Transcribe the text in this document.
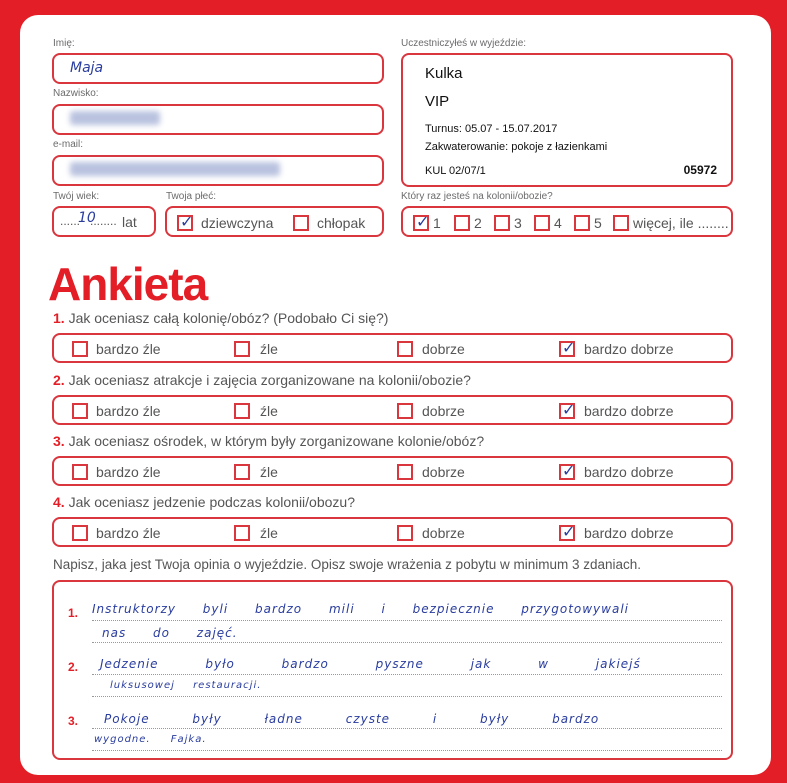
Imię:
Maja
Nazwisko:
e-mail:
Twój wiek:
......
10
........ lat
Twoja płeć:
✓ dziewczyna	chłopak
Uczestniczyłeś w wyjeździe:
Kulka
VIP
Turnus: 05.07 - 15.07.2017
Zakwaterowanie: pokoje z łazienkami
KUL 02/07/1	05972
Który raz jesteś na kolonii/obozie?
✓ 1 2 3 4 5 więcej, ile ........
Ankieta
1. Jak oceniasz całą kolonię/obóz? (Podobało Ci się?)
bardzo źle	źle	dobrze	✓ bardzo dobrze
2. Jak oceniasz atrakcje i zajęcia zorganizowane na kolonii/obozie?
bardzo źle	źle	dobrze	✓ bardzo dobrze
3. Jak oceniasz ośrodek, w którym były zorganizowane kolonie/obóz?
bardzo źle	źle	dobrze	✓ bardzo dobrze
4. Jak oceniasz jedzenie podczas kolonii/obozu?
bardzo źle	źle	dobrze	✓ bardzo dobrze
Napisz, jaka jest Twoja opinia o wyjeździe. Opisz swoje wrażenia z pobytu w minimum 3 zdaniach.
1.
2.
3.
Instruktorzy byli bardzo mili i bezpiecznie przygotowywali
nas do zajęć.
Jedzenie było bardzo pyszne jak w jakiejś
luksusowej restauracji.
Pokoje były ładne czyste i były bardzo
wygodne. Fajka.
